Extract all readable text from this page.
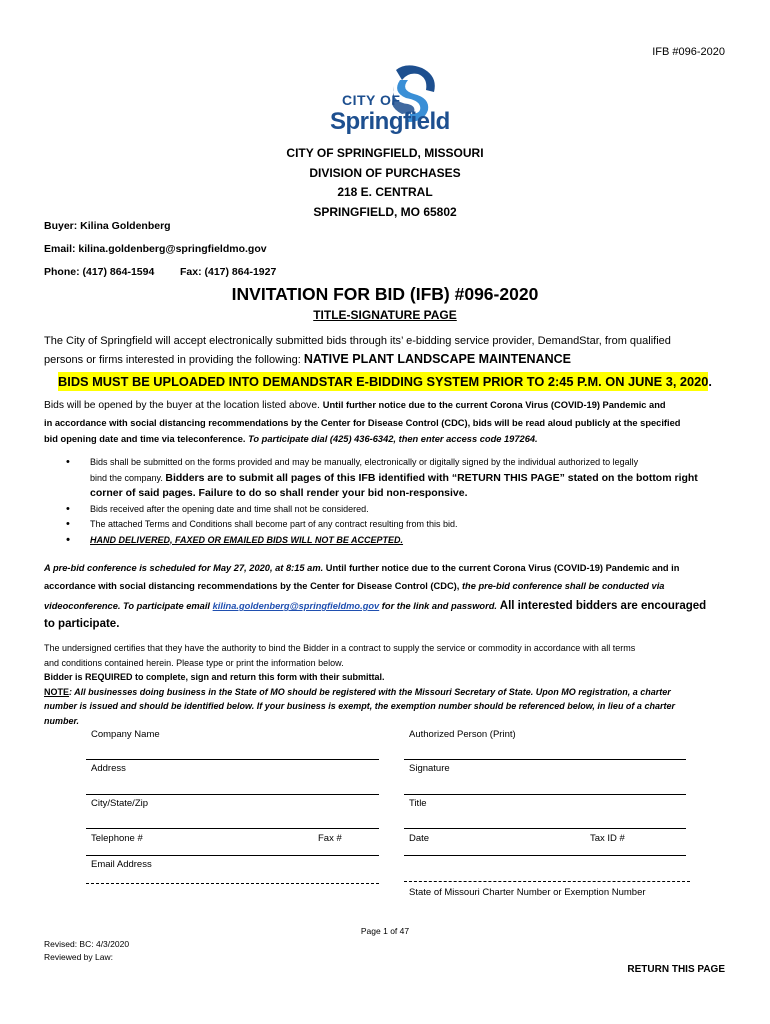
IFB #096-2020
CITY OF
Springfield
CITY OF SPRINGFIELD, MISSOURI
DIVISION OF PURCHASES
218 E. CENTRAL
SPRINGFIELD, MO 65802
Buyer: Kilina Goldenberg
Email: kilina.goldenberg@springfieldmo.gov
Phone: (417) 864-1594 Fax: (417) 864-1927
INVITATION FOR BID (IFB) #096-2020
TITLE-SIGNATURE PAGE
The City of Springfield will accept electronically submitted bids through its’ e-bidding service provider, DemandStar, from qualified
persons or firms interested in providing the following: NATIVE PLANT LANDSCAPE MAINTENANCE
BIDS MUST BE UPLOADED INTO DEMANDSTAR E-BIDDING SYSTEM PRIOR TO 2:45 P.M. ON JUNE 3, 2020.
Bids will be opened by the buyer at the location listed above. Until further notice due to the current Corona Virus (COVID-19) Pandemic and
in accordance with social distancing recommendations by the Center for Disease Control (CDC), bids will be read aloud publicly at the specified
bid opening date and time via teleconference. To participate dial (425) 436-6342, then enter access code 197264.
• Bids shall be submitted on the forms provided and may be manually, electronically or digitally signed by the individual authorized to legally
bind the company. Bidders are to submit all pages of this IFB identified with “RETURN THIS PAGE” stated on the bottom right
corner of said pages. Failure to do so shall render your bid non-responsive.
• Bids received after the opening date and time shall not be considered.
• The attached Terms and Conditions shall become part of any contract resulting from this bid.
• HAND DELIVERED, FAXED OR EMAILED BIDS WILL NOT BE ACCEPTED.
A pre-bid conference is scheduled for May 27, 2020, at 8:15 am. Until further notice due to the current Corona Virus (COVID-19) Pandemic and in
accordance with social distancing recommendations by the Center for Disease Control (CDC), the pre-bid conference shall be conducted via
videoconference. To participate email kilina.goldenberg@springfieldmo.gov for the link and password. All interested bidders are encouraged
to participate.
The undersigned certifies that they have the authority to bind the Bidder in a contract to supply the service or commodity in accordance with all terms
and conditions contained herein. Please type or print the information below.
Bidder is REQUIRED to complete, sign and return this form with their submittal.
NOTE: All businesses doing business in the State of MO should be registered with the Missouri Secretary of State. Upon MO registration, a charter
number is issued and should be identified below. If your business is exempt, the exemption number should be referenced below, in lieu of a charter
number.
Company Name	Authorized Person (Print)
Address	Signature
City/State/Zip	Title
Telephone #	Fax #	Date	Tax ID #
Email Address
State of Missouri Charter Number or Exemption Number
Page 1 of 47
Revised: BC: 4/3/2020
Reviewed by Law:
RETURN THIS PAGE
